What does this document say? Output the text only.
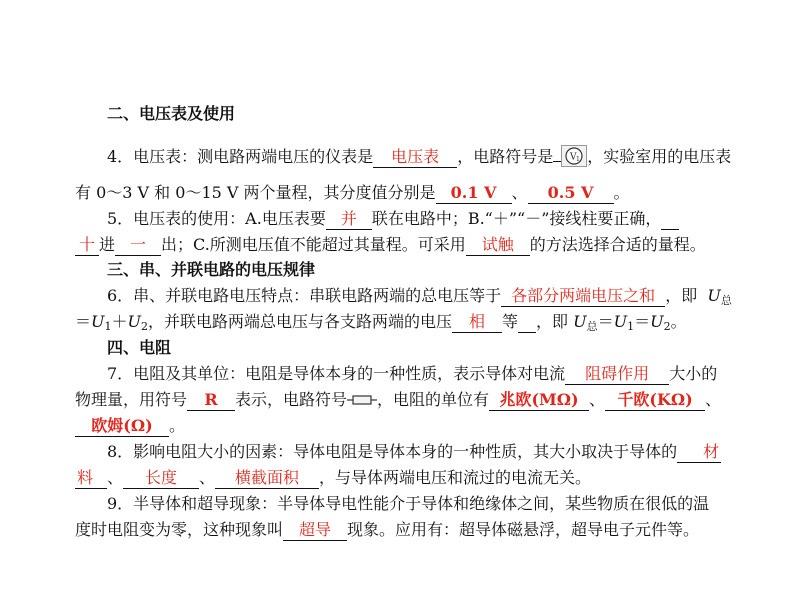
二、电压表及使用
4．电压表：测电路两端电压的仪表是 电压表 ，电路符号是 V 1 ，实验室用的电压表
有 0～3 V 和 0～15 V 两个量程，其分度值分别是 0.1 V 、 0.5 V 。
5．电压表的使用：A.电压表要 并 联在电路中；B.“＋”“－”接线柱要正确，
十 进 一 出；C.所测电压值不能超过其量程。可采用 试触 的方法选择合适的量程。
三、串、并联电路的电压规律
6．串、并联电路电压特点：串联电路两端的总电压等于 各部分两端电压之和 ，即 U总
$=U_1+U_2$，并联电路两端总电压与各支路两端的电压 相 等 ，即 U总$=U_1=U_2$。
四、电阻
7．电阻及其单位：电阻是导体本身的一种性质，表示导体对电流 阻碍作用 大小的
物理量，用符号 R 表示，电路符号 ，电阻的单位有 兆欧(MΩ) 、 千欧(KΩ) 、
欧姆(Ω) 。
8．影响电阻大小的因素：导体电阻是导体本身的一种性质，其大小取决于导体的 材
料 、 长度 、 横截面积 ，与导体两端电压和流过的电流无关。
9．半导体和超导现象：半导体导电性能介于导体和绝缘体之间，某些物质在很低的温
度时电阻变为零，这种现象叫 超导 现象。应用有：超导体磁悬浮，超导电子元件等。
